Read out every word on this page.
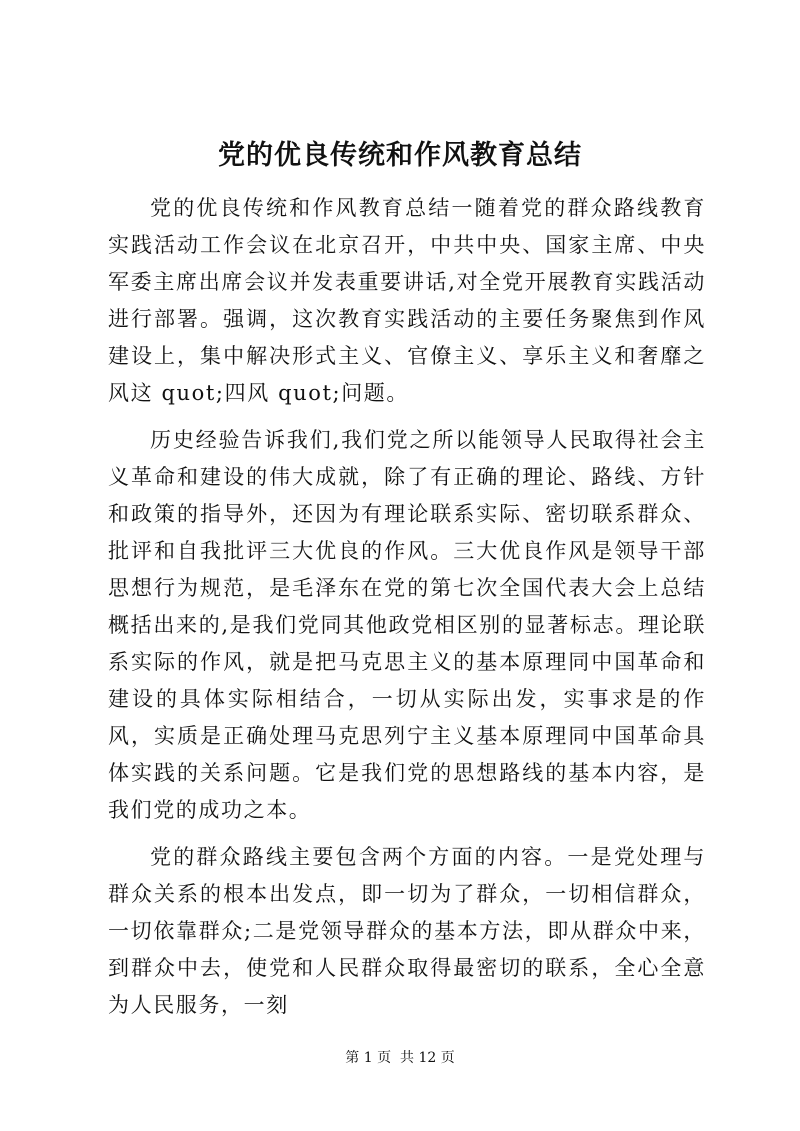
党的优良传统和作风教育总结

党的优良传统和作风教育总结一随着党的群众路线教育实践活动工作会议在北京召开，中共中央、国家主席、中央军委主席出席会议并发表重要讲话,对全党开展教育实践活动进行部署。强调，这次教育实践活动的主要任务聚焦到作风建设上，集中解决形式主义、官僚主义、享乐主义和奢靡之风这 quot;四风 quot;问题。

历史经验告诉我们,我们党之所以能领导人民取得社会主义革命和建设的伟大成就，除了有正确的理论、路线、方针和政策的指导外，还因为有理论联系实际、密切联系群众、批评和自我批评三大优良的作风。三大优良作风是领导干部思想行为规范，是毛泽东在党的第七次全国代表大会上总结概括出来的,是我们党同其他政党相区别的显著标志。理论联系实际的作风，就是把马克思主义的基本原理同中国革命和建设的具体实际相结合，一切从实际出发，实事求是的作风，实质是正确处理马克思列宁主义基本原理同中国革命具体实践的关系问题。它是我们党的思想路线的基本内容，是我们党的成功之本。

党的群众路线主要包含两个方面的内容。一是党处理与群众关系的根本出发点，即一切为了群众，一切相信群众，一切依靠群众;二是党领导群众的基本方法，即从群众中来，到群众中去，使党和人民群众取得最密切的联系，全心全意为人民服务，一刻

第 1 页  共 12 页
